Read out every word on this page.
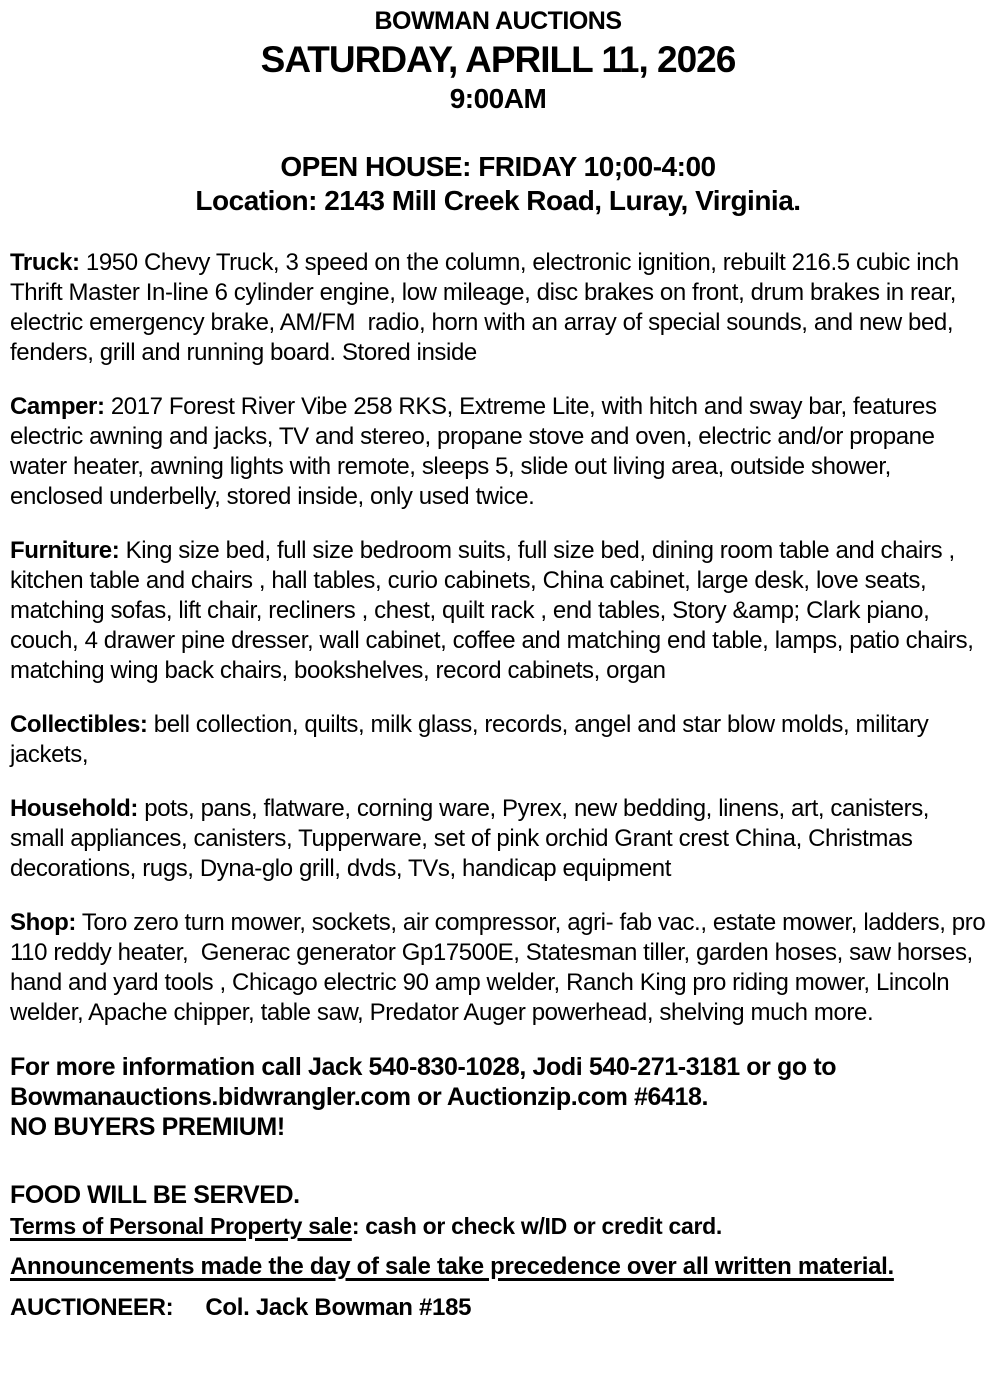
BOWMAN AUCTIONS
SATURDAY, APRILL 11, 2026
9:00AM
OPEN HOUSE: FRIDAY 10;00-4:00
Location: 2143 Mill Creek Road, Luray, Virginia.

Truck: 1950 Chevy Truck, 3 speed on the column, electronic ignition, rebuilt 216.5 cubic inch Thrift Master In-line 6 cylinder engine, low mileage, disc brakes on front, drum brakes in rear, electric emergency brake, AM/FM  radio, horn with an array of special sounds, and new bed, fenders, grill and running board. Stored inside

Camper: 2017 Forest River Vibe 258 RKS, Extreme Lite, with hitch and sway bar, features electric awning and jacks, TV and stereo, propane stove and oven, electric and/or propane water heater, awning lights with remote, sleeps 5, slide out living area, outside shower, enclosed underbelly, stored inside, only used twice.

Furniture: King size bed, full size bedroom suits, full size bed, dining room table and chairs , kitchen table and chairs , hall tables, curio cabinets, China cabinet, large desk, love seats,  matching sofas, lift chair, recliners , chest, quilt rack , end tables, Story &amp; Clark piano, couch, 4 drawer pine dresser, wall cabinet, coffee and matching end table, lamps, patio chairs, matching wing back chairs, bookshelves, record cabinets, organ

Collectibles: bell collection, quilts, milk glass, records, angel and star blow molds, military jackets,

Household: pots, pans, flatware, corning ware, Pyrex, new bedding, linens, art, canisters, small appliances, canisters, Tupperware, set of pink orchid Grant crest China, Christmas decorations, rugs, Dyna-glo grill, dvds, TVs, handicap equipment

Shop: Toro zero turn mower, sockets, air compressor, agri- fab vac., estate mower, ladders, pro 110 reddy heater,  Generac generator Gp17500E, Statesman tiller, garden hoses, saw horses, hand and yard tools , Chicago electric 90 amp welder, Ranch King pro riding mower, Lincoln welder, Apache chipper, table saw, Predator Auger powerhead, shelving much more.

For more information call Jack 540-830-1028, Jodi 540-271-3181 or go to Bowmanauctions.bidwrangler.com or Auctionzip.com #6418.

NO BUYERS PREMIUM!
FOOD WILL BE SERVED.
Terms of Personal Property sale: cash or check w/ID or credit card.
Announcements made the day of sale take precedence over all written material.
AUCTIONEER: Col. Jack Bowman #185
